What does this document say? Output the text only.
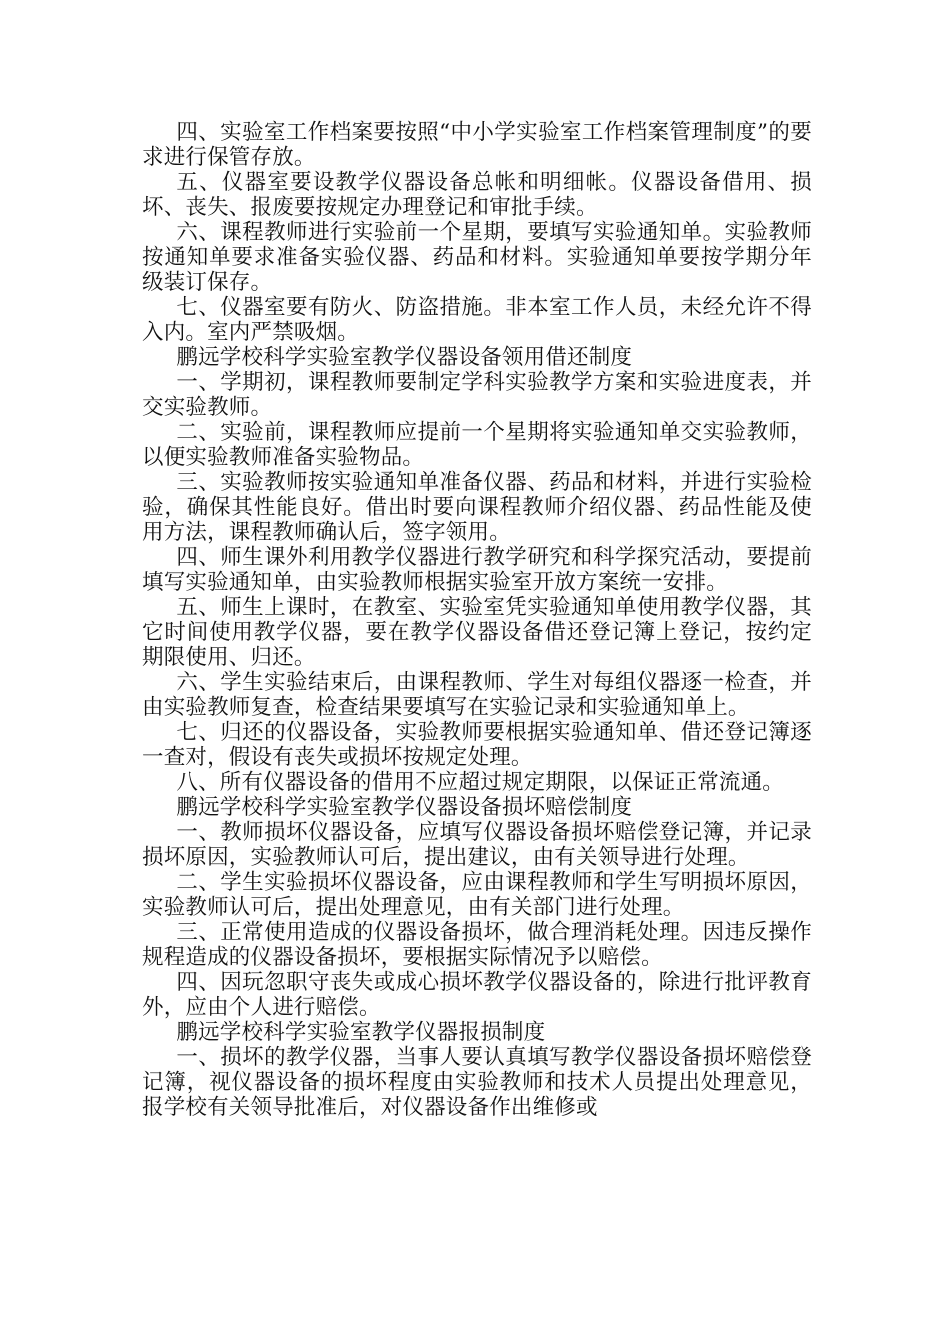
四、实验室工作档案要按照“中小学实验室工作档案管理制度”的要求进行保管存放。

五、仪器室要设教学仪器设备总帐和明细帐。仪器设备借用、损坏、丧失、报废要按规定办理登记和审批手续。

六、课程教师进行实验前一个星期，要填写实验通知单。实验教师按通知单要求准备实验仪器、药品和材料。实验通知单要按学期分年级装订保存。

七、仪器室要有防火、防盗措施。非本室工作人员，未经允许不得入内。室内严禁吸烟。

鹏远学校科学实验室教学仪器设备领用借还制度

一、学期初，课程教师要制定学科实验教学方案和实验进度表，并交实验教师。

二、实验前，课程教师应提前一个星期将实验通知单交实验教师，以便实验教师准备实验物品。

三、实验教师按实验通知单准备仪器、药品和材料，并进行实验检验，确保其性能良好。借出时要向课程教师介绍仪器、药品性能及使用方法，课程教师确认后，签字领用。

四、师生课外利用教学仪器进行教学研究和科学探究活动，要提前填写实验通知单，由实验教师根据实验室开放方案统一安排。

五、师生上课时，在教室、实验室凭实验通知单使用教学仪器，其它时间使用教学仪器，要在教学仪器设备借还登记簿上登记，按约定期限使用、归还。

六、学生实验结束后，由课程教师、学生对每组仪器逐一检查，并由实验教师复查，检查结果要填写在实验记录和实验通知单上。

七、归还的仪器设备，实验教师要根据实验通知单、借还登记簿逐一查对，假设有丧失或损坏按规定处理。

八、所有仪器设备的借用不应超过规定期限，以保证正常流通。

鹏远学校科学实验室教学仪器设备损坏赔偿制度

一、教师损坏仪器设备，应填写仪器设备损坏赔偿登记簿，并记录损坏原因，实验教师认可后，提出建议，由有关领导进行处理。

二、学生实验损坏仪器设备，应由课程教师和学生写明损坏原因，实验教师认可后，提出处理意见，由有关部门进行处理。

三、正常使用造成的仪器设备损坏，做合理消耗处理。因违反操作规程造成的仪器设备损坏，要根据实际情况予以赔偿。

四、因玩忽职守丧失或成心损坏教学仪器设备的，除进行批评教育外，应由个人进行赔偿。

鹏远学校科学实验室教学仪器报损制度

一、损坏的教学仪器，当事人要认真填写教学仪器设备损坏赔偿登记簿，视仪器设备的损坏程度由实验教师和技术人员提出处理意见，报学校有关领导批准后，对仪器设备作出维修或
